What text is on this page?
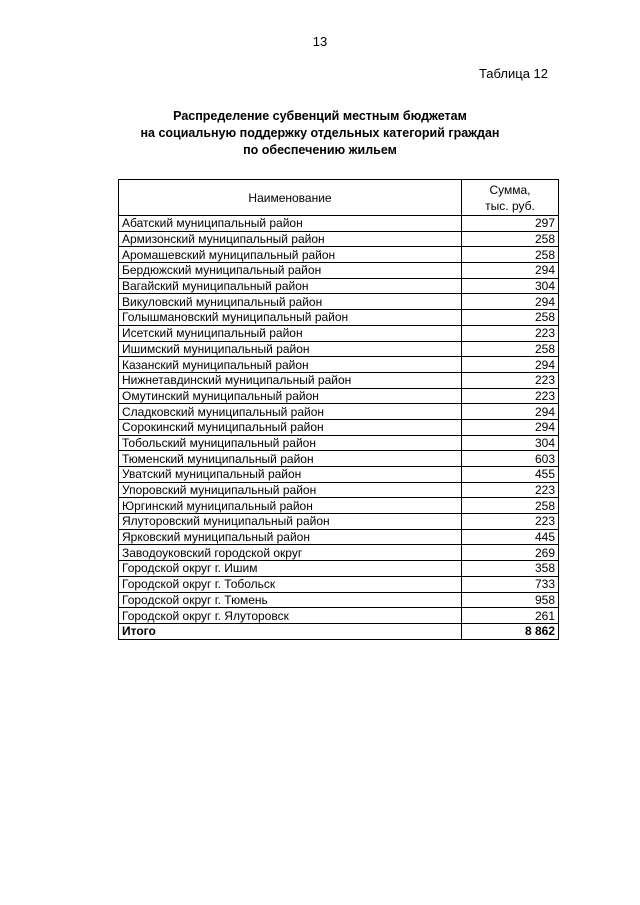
13
Таблица 12
Распределение субвенций местным бюджетам
на социальную поддержку отдельных категорий граждан
по обеспечению жильем
Наименование	Сумма,
тыс. руб.
Абатский муниципальный район	297
Армизонский муниципальный район	258
Аромашевский муниципальный район	258
Бердюжский муниципальный район	294
Вагайский муниципальный район	304
Викуловский муниципальный район	294
Голышмановский муниципальный район	258
Исетский муниципальный район	223
Ишимский муниципальный район	258
Казанский муниципальный район	294
Нижнетавдинский муниципальный район	223
Омутинский муниципальный район	223
Сладковский муниципальный район	294
Сорокинский муниципальный район	294
Тобольский муниципальный район	304
Тюменский муниципальный район	603
Уватский муниципальный район	455
Упоровский муниципальный район	223
Юргинский муниципальный район	258
Ялуторовский муниципальный район	223
Ярковский муниципальный район	445
Заводоуковский городской округ	269
Городской округ г. Ишим	358
Городской округ г. Тобольск	733
Городской округ г. Тюмень	958
Городской округ г. Ялуторовск	261
Итого	8 862
